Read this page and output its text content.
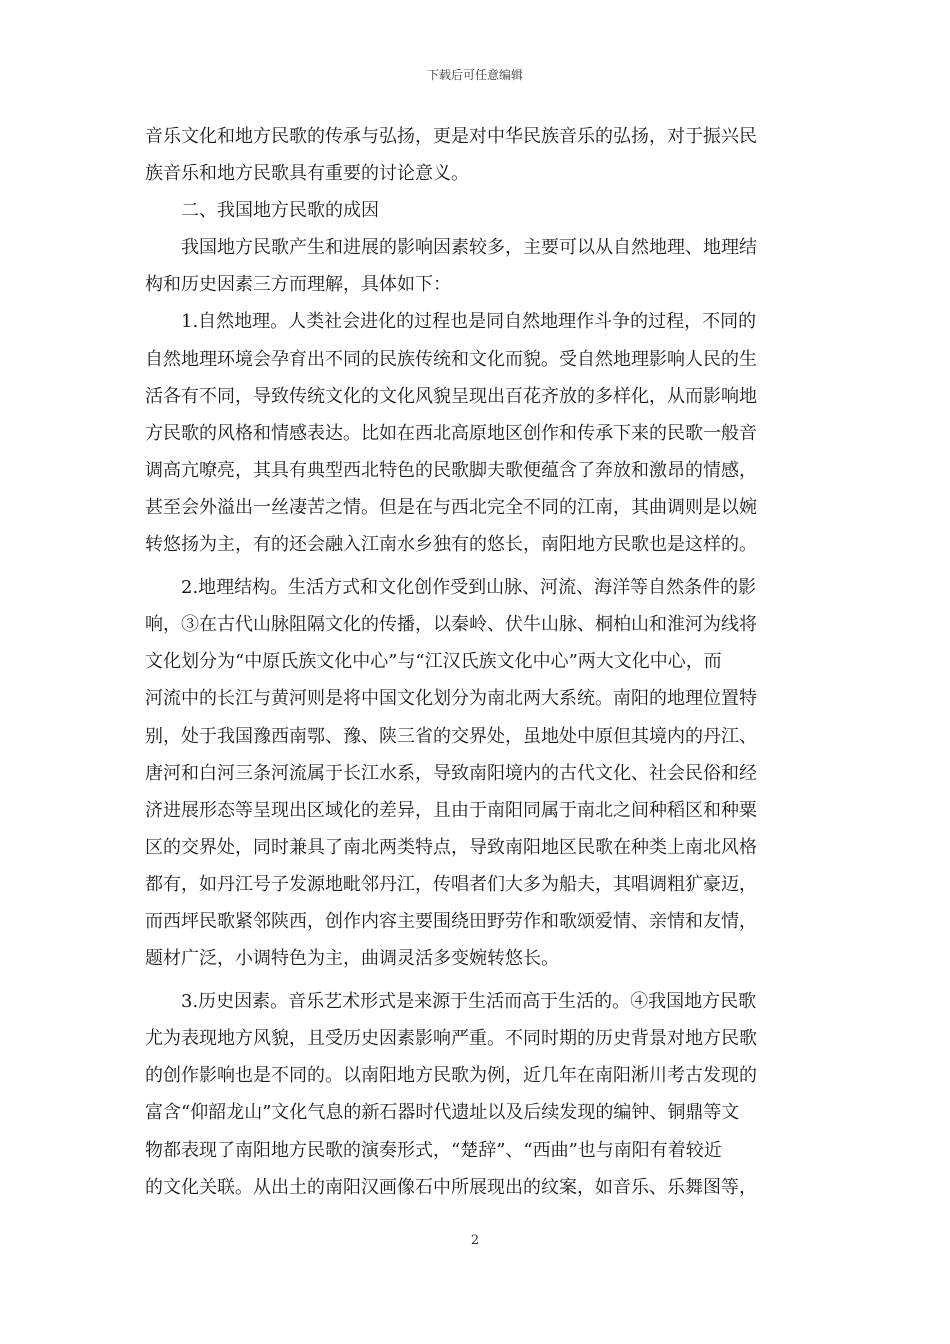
下载后可任意编辑
音乐文化和地方民歌的传承与弘扬，更是对中华民族音乐的弘扬，对于振兴民
族音乐和地方民歌具有重要的讨论意义。
　　二、我国地方民歌的成因
　　我国地方民歌产生和进展的影响因素较多，主要可以从自然地理、地理结
构和历史因素三方而理解，具体如下：
　　1.自然地理。人类社会进化的过程也是同自然地理作斗争的过程，不同的
自然地理环境会孕育出不同的民族传统和文化而貌。受自然地理影响人民的生
活各有不同，导致传统文化的文化风貌呈现出百花齐放的多样化，从而影响地
方民歌的风格和情感表达。比如在西北高原地区创作和传承下来的民歌一般音
调高亢嘹亮，其具有典型西北特色的民歌脚夫歌便蕴含了奔放和激昂的情感，
甚至会外溢出一丝凄苦之情。但是在与西北完全不同的江南，其曲调则是以婉
转悠扬为主，有的还会融入江南水乡独有的悠长，南阳地方民歌也是这样的。
　　2.地理结构。生活方式和文化创作受到山脉、河流、海洋等自然条件的影
响，③在古代山脉阻隔文化的传播，以秦岭、伏牛山脉、桐柏山和淮河为线将
文化划分为“中原氏族文化中心”与“江汉氏族文化中心”两大文化中心，而
河流中的长江与黄河则是将中国文化划分为南北两大系统。南阳的地理位置特
别，处于我国豫西南鄂、豫、陕三省的交界处，虽地处中原但其境内的丹江、
唐河和白河三条河流属于长江水系，导致南阳境内的古代文化、社会民俗和经
济进展形态等呈现出区域化的差异，且由于南阳同属于南北之间种稻区和种粟
区的交界处，同时兼具了南北两类特点，导致南阳地区民歌在种类上南北风格
都有，如丹江号子发源地毗邻丹江，传唱者们大多为船夫，其唱调粗犷豪迈，
而西坪民歌紧邻陕西，创作内容主要围绕田野劳作和歌颂爱情、亲情和友情，
题材广泛，小调特色为主，曲调灵活多变婉转悠长。
　　3.历史因素。音乐艺术形式是来源于生活而高于生活的。④我国地方民歌
尤为表现地方风貌，且受历史因素影响严重。不同时期的历史背景对地方民歌
的创作影响也是不同的。以南阳地方民歌为例，近几年在南阳淅川考古发现的
富含“仰韶龙山”文化气息的新石器时代遗址以及后续发现的编钟、铜鼎等文
物都表现了南阳地方民歌的演奏形式，“楚辞”、“西曲”也与南阳有着较近
的文化关联。从出土的南阳汉画像石中所展现出的纹案，如音乐、乐舞图等，
2
